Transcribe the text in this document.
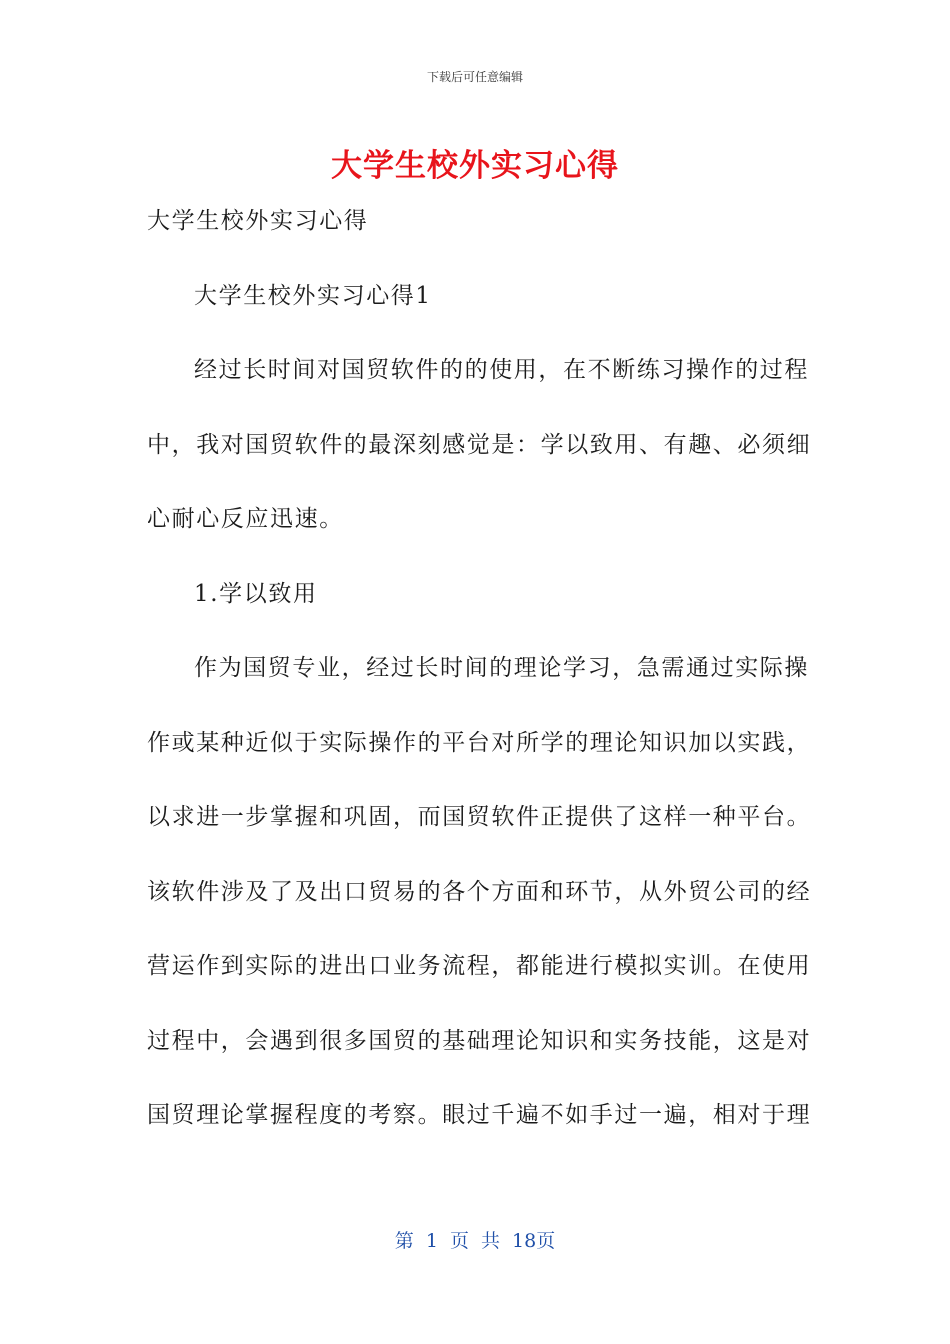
下载后可任意编辑
大学生校外实习心得
大学生校外实习心得
大学生校外实习心得1
经过长时间对国贸软件的的使用，在不断练习操作的过程
中，我对国贸软件的最深刻感觉是：学以致用、有趣、必须细
心耐心反应迅速。
1.学以致用
作为国贸专业，经过长时间的理论学习，急需通过实际操
作或某种近似于实际操作的平台对所学的理论知识加以实践，
以求进一步掌握和巩固，而国贸软件正提供了这样一种平台。
该软件涉及了及出口贸易的各个方面和环节，从外贸公司的经
营运作到实际的进出口业务流程，都能进行模拟实训。在使用
过程中，会遇到很多国贸的基础理论知识和实务技能，这是对
国贸理论掌握程度的考察。眼过千遍不如手过一遍，相对于理
第 1 页 共 18页
